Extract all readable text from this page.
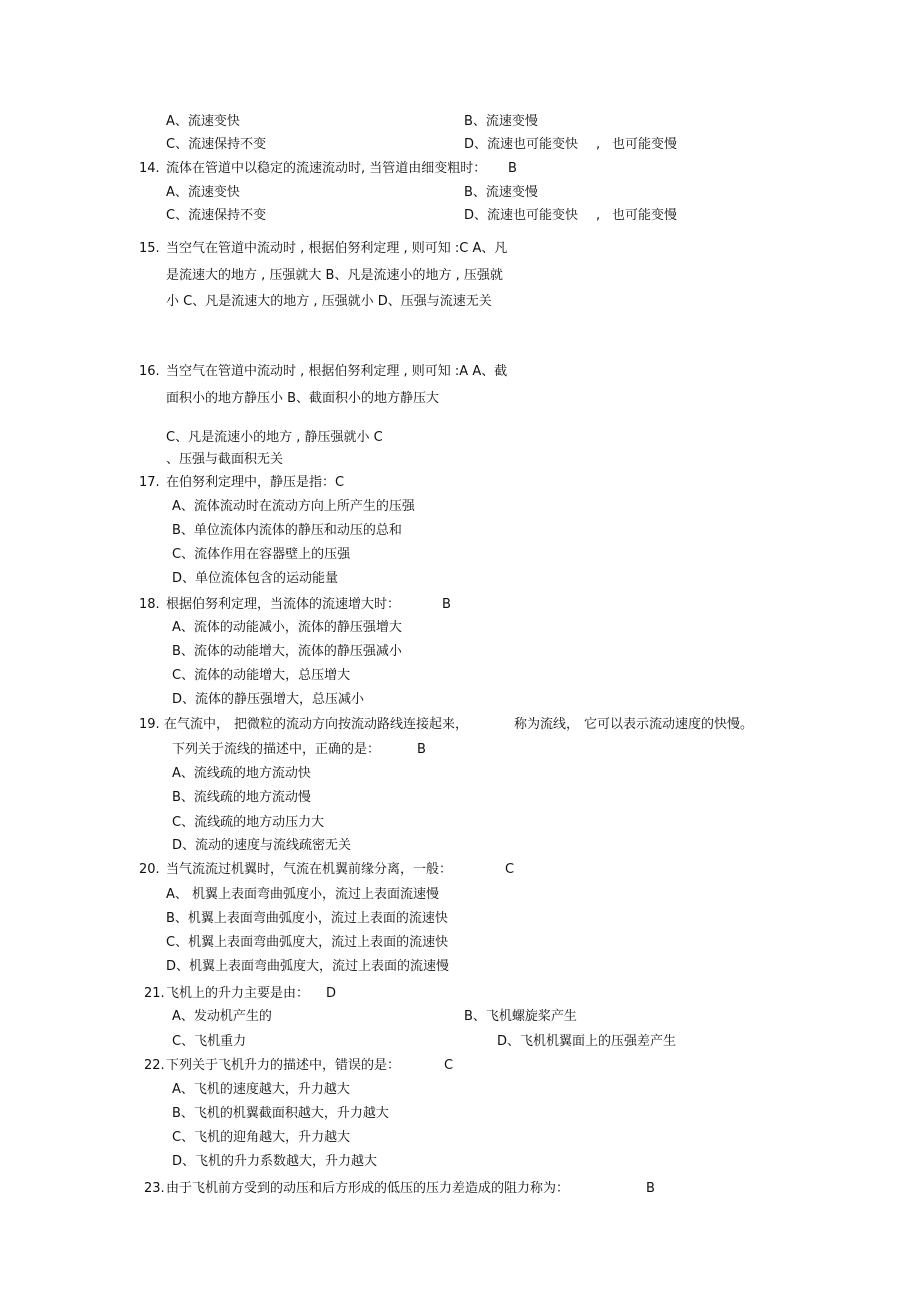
A、流速变快	B、流速变慢
C、流速保持不变	D、流速也可能变快 , 也可能变慢
14. 流体在管道中以稳定的流速流动时, 当管道由细变粗时： B
A、流速变快	B、流速变慢
C、流速保持不变	D、流速也可能变快 , 也可能变慢
15. 当空气在管道中流动时 , 根据伯努利定理 , 则可知 :C A、凡
是流速大的地方 , 压强就大 B、凡是流速小的地方 , 压强就
小 C、凡是流速大的地方 , 压强就小 D、压强与流速无关
16. 当空气在管道中流动时 , 根据伯努利定理 , 则可知 :A A、截
面积小的地方静压小 B、截面积小的地方静压大
C、凡是流速小的地方 , 静压强就小 C
、压强与截面积无关
17. 在伯努利定理中，静压是指：C
A、流体流动时在流动方向上所产生的压强
B、单位流体内流体的静压和动压的总和
C、流体作用在容器壁上的压强
D、单位流体包含的运动能量
18. 根据伯努利定理，当流体的流速增大时：	B
A、流体的动能减小，流体的静压强增大
B、流体的动能增大，流体的静压强减小
C、流体的动能增大，总压增大
D、流体的静压强增大，总压减小
19. 在气流中， 把微粒的流动方向按流动路线连接起来，	称为流线， 它可以表示流动速度的快慢。
下列关于流线的描述中，正确的是：	B
A、流线疏的地方流动快
B、流线疏的地方流动慢
C、流线疏的地方动压力大
D、流动的速度与流线疏密无关
20. 当气流流过机翼时，气流在机翼前缘分离，一般：	C
A、 机翼上表面弯曲弧度小，流过上表面流速慢
B、机翼上表面弯曲弧度小，流过上表面的流速快
C、机翼上表面弯曲弧度大，流过上表面的流速快
D、机翼上表面弯曲弧度大，流过上表面的流速慢
21. 飞机上的升力主要是由： D
A、发动机产生的	B、飞机螺旋桨产生
C、飞机重力	D、飞机机翼面上的压强差产生
22. 下列关于飞机升力的描述中，错误的是：	C
A、飞机的速度越大，升力越大
B、飞机的机翼截面积越大，升力越大
C、飞机的迎角越大，升力越大
D、飞机的升力系数越大，升力越大
23. 由于飞机前方受到的动压和后方形成的低压的压力差造成的阻力称为：	B
